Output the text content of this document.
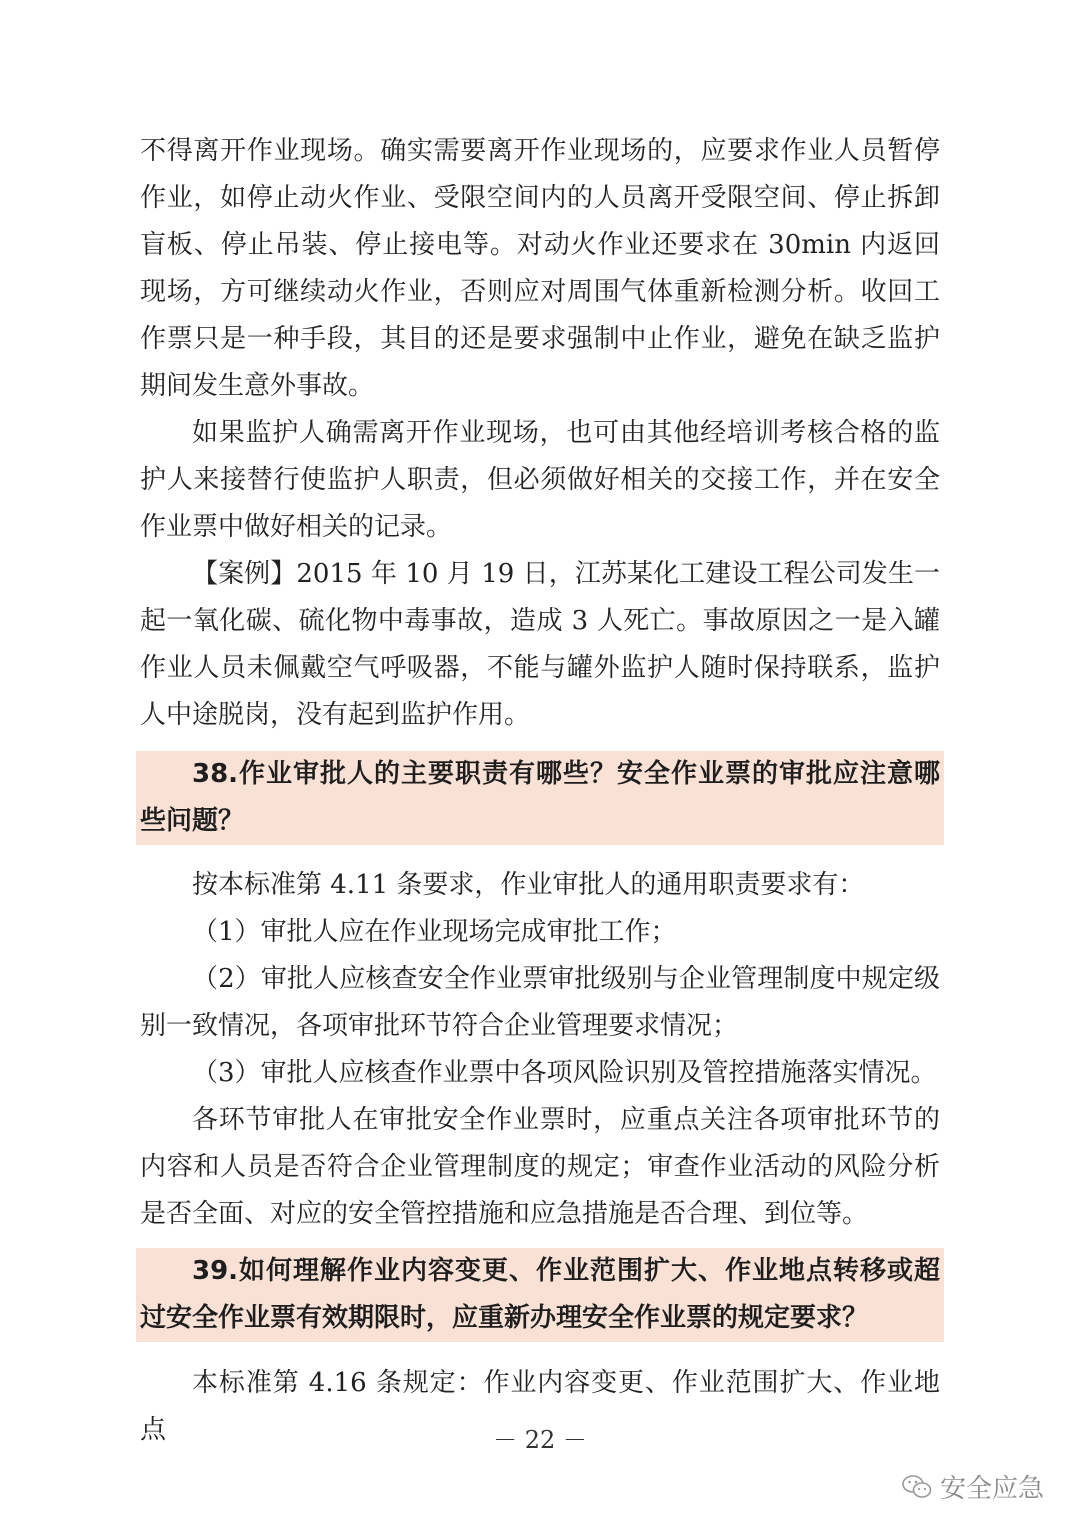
不得离开作业现场。确实需要离开作业现场的，应要求作业人员暂停作业，如停止动火作业、受限空间内的人员离开受限空间、停止拆卸盲板、停止吊装、停止接电等。对动火作业还要求在 30min 内返回现场，方可继续动火作业，否则应对周围气体重新检测分析。收回工作票只是一种手段，其目的还是要求强制中止作业，避免在缺乏监护期间发生意外事故。

如果监护人确需离开作业现场，也可由其他经培训考核合格的监护人来接替行使监护人职责，但必须做好相关的交接工作，并在安全作业票中做好相关的记录。

【案例】2015 年 10 月 19 日，江苏某化工建设工程公司发生一起一氧化碳、硫化物中毒事故，造成 3 人死亡。事故原因之一是入罐作业人员未佩戴空气呼吸器，不能与罐外监护人随时保持联系，监护人中途脱岗，没有起到监护作用。

38.作业审批人的主要职责有哪些？安全作业票的审批应注意哪些问题？

按本标准第 4.11 条要求，作业审批人的通用职责要求有：

（1）审批人应在作业现场完成审批工作；

（2）审批人应核查安全作业票审批级别与企业管理制度中规定级别一致情况，各项审批环节符合企业管理要求情况；

（3）审批人应核查作业票中各项风险识别及管控措施落实情况。

各环节审批人在审批安全作业票时，应重点关注各项审批环节的内容和人员是否符合企业管理制度的规定；审查作业活动的风险分析是否全面、对应的安全管控措施和应急措施是否合理、到位等。

39.如何理解作业内容变更、作业范围扩大、作业地点转移或超过安全作业票有效期限时，应重新办理安全作业票的规定要求？

本标准第 4.16 条规定：作业内容变更、作业范围扩大、作业地点	－ 22 －
安全应急
